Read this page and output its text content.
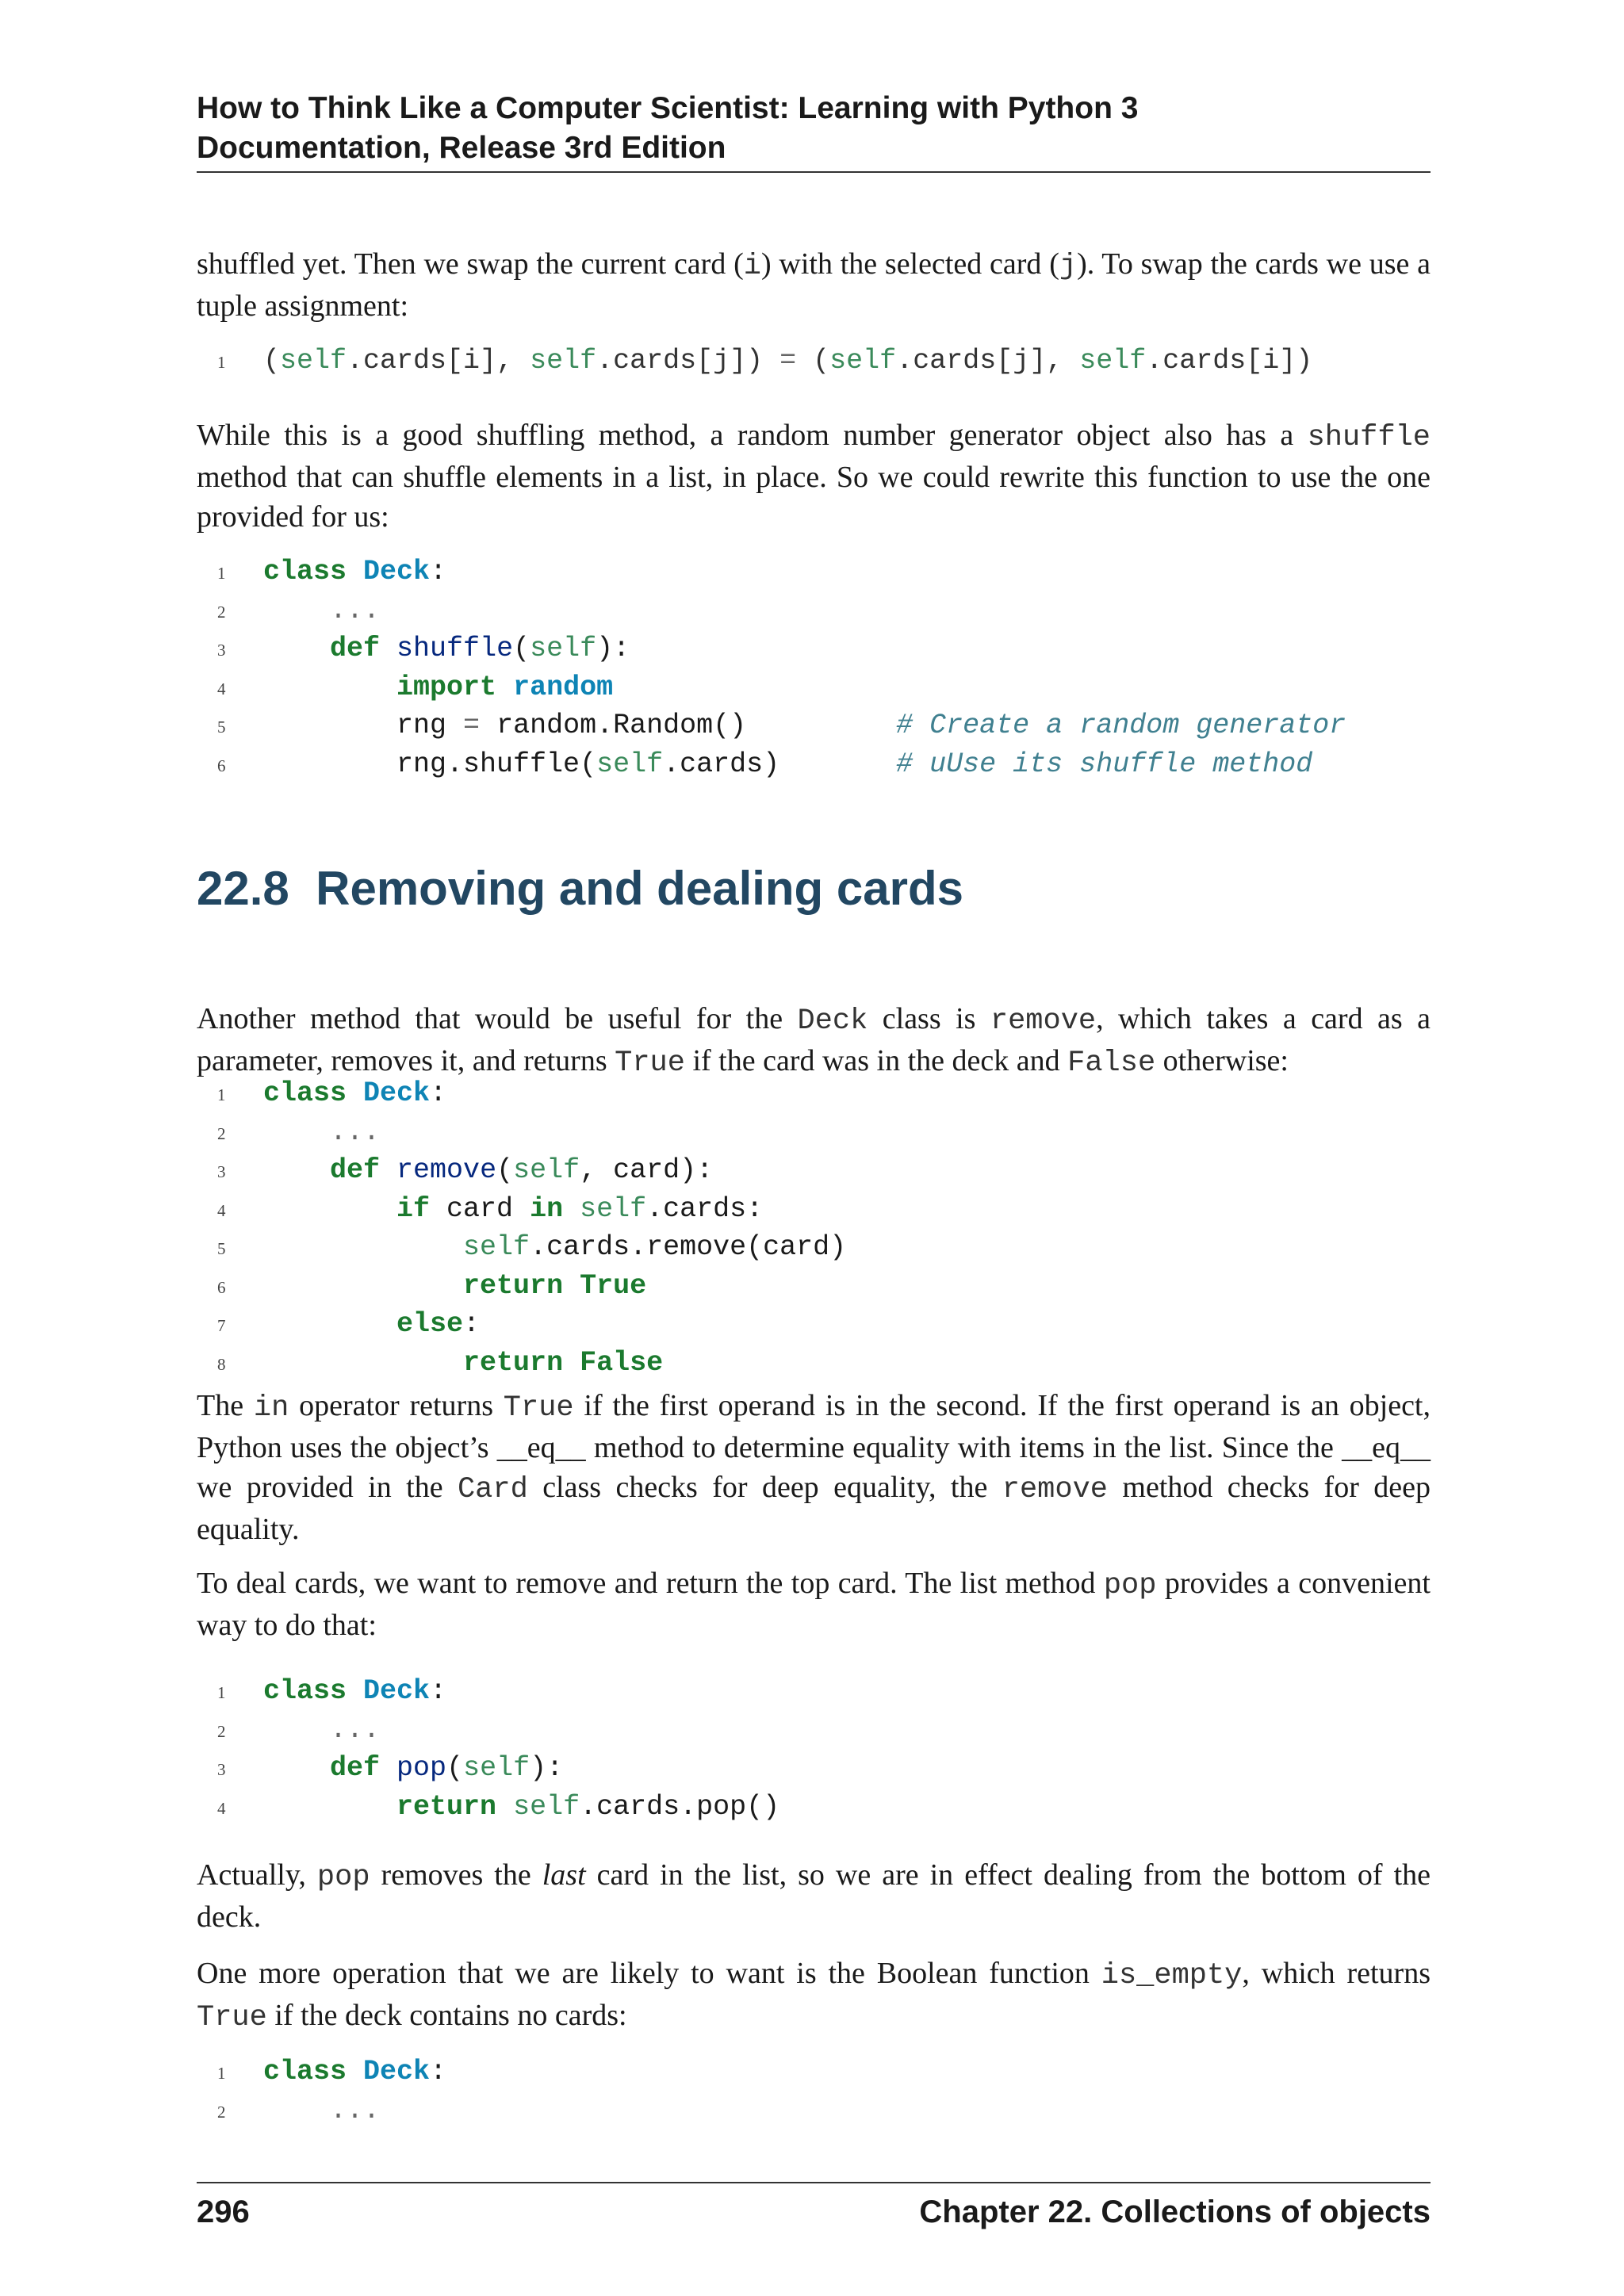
How to Think Like a Computer Scientist: Learning with Python 3
Documentation, Release 3rd Edition

shuffled yet. Then we swap the current card (i) with the selected card (j). To swap the cards we use a tuple assignment:

1 (self.cards[i], self.cards[j]) = (self.cards[j], self.cards[i])

While this is a good shuffling method, a random number generator object also has a shuffle method that can shuffle elements in a list, in place. So we could rewrite this function to use the one provided for us:

1 class Deck:
2	...
3	def shuffle(self):
4	import random
5        rng = random.Random()         # Create a random generator
6        rng.shuffle(self.cards)       # uUse its shuffle method
22.8 Removing and dealing cards

Another method that would be useful for the Deck class is remove, which takes a card as a parameter, removes it, and returns True if the card was in the deck and False otherwise:

1 class Deck:
2	...
3	def remove(self, card):
4	if card in self.cards:
5	self.cards.remove(card)
6	return True
7	else:
8	return False

The in operator returns True if the first operand is in the second. If the first operand is an object, Python uses the object’s __eq__ method to determine equality with items in the list. Since the __eq__ we provided in the Card class checks for deep equality, the remove method checks for deep equality.

To deal cards, we want to remove and return the top card. The list method pop provides a convenient way to do that:

1 class Deck:
2	...
3	def pop(self):
4	return self.cards.pop()

Actually, pop removes the last card in the list, so we are in effect dealing from the bottom of the deck.

One more operation that we are likely to want is the Boolean function is_empty, which returns True if the deck contains no cards:

1 class Deck:
2	...
296	Chapter 22. Collections of objects
